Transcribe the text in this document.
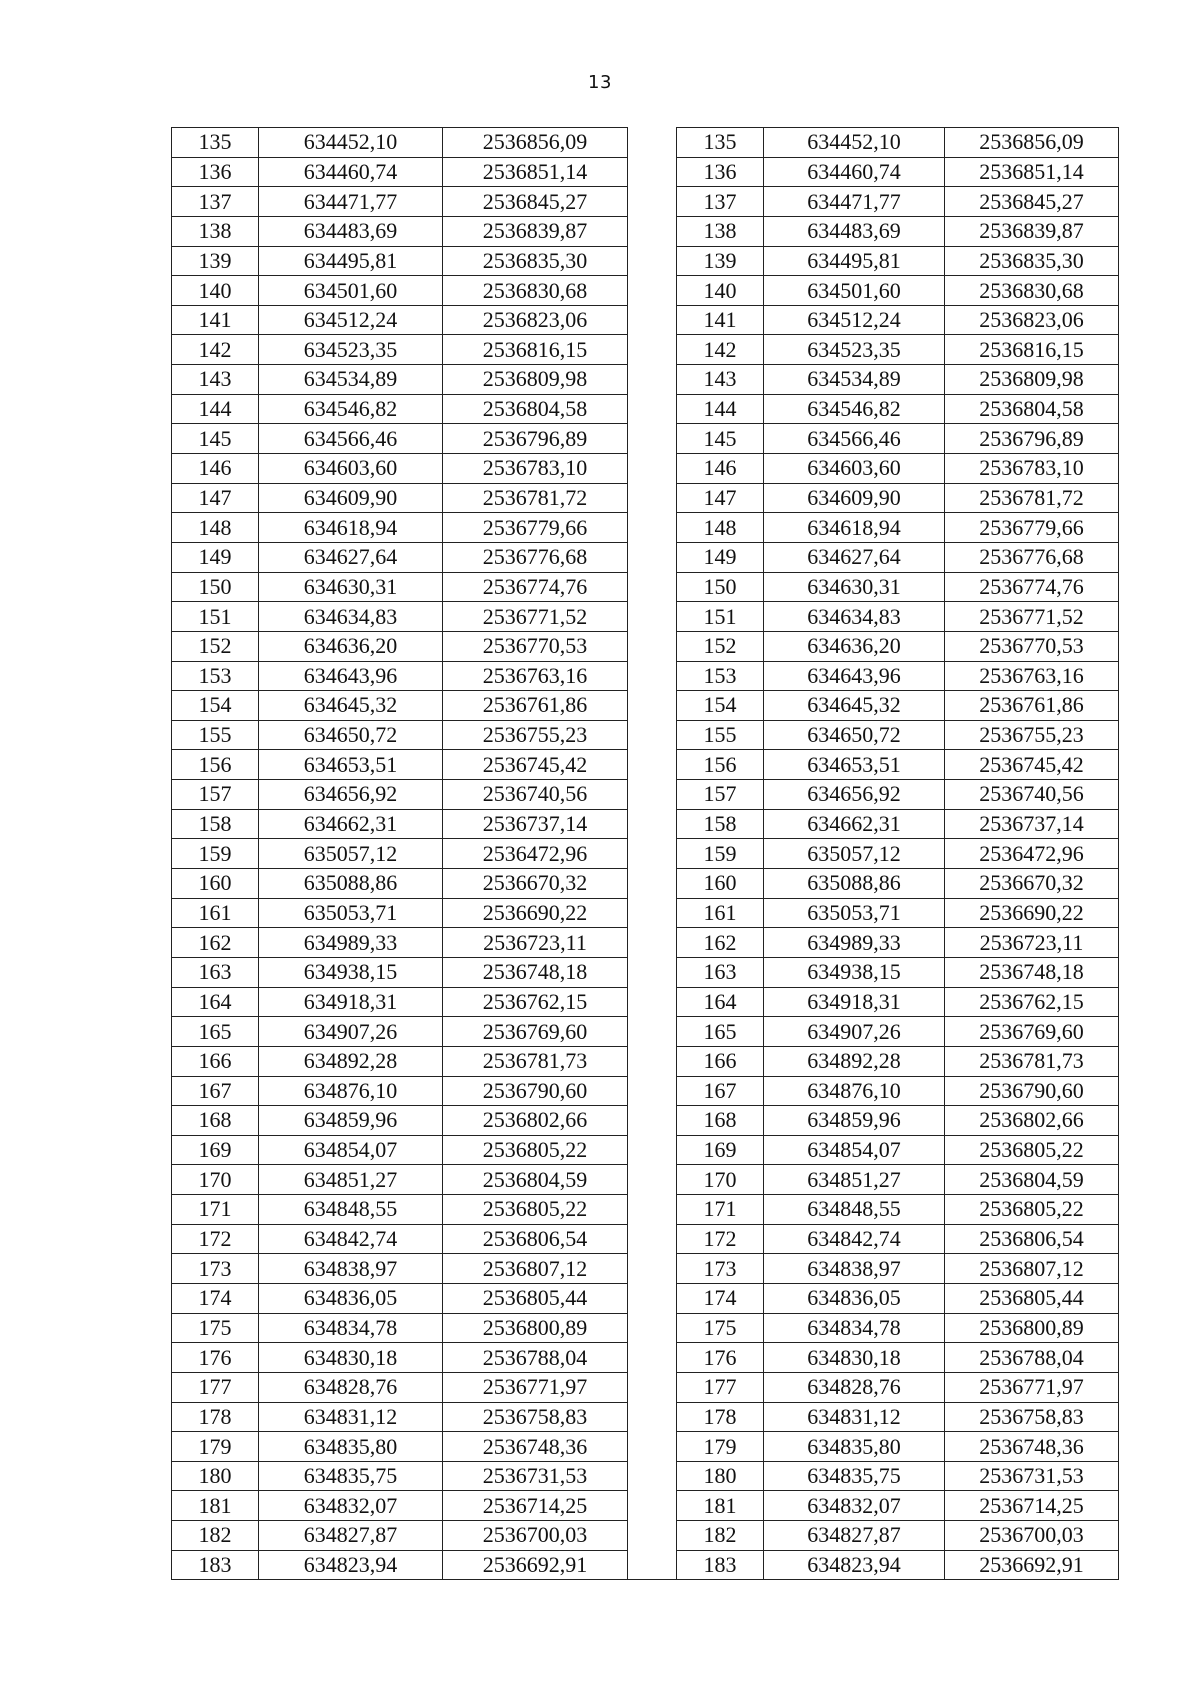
13
135	634452,10	2536856,09		135	634452,10	2536856,09
136	634460,74	2536851,14		136	634460,74	2536851,14
137	634471,77	2536845,27		137	634471,77	2536845,27
138	634483,69	2536839,87		138	634483,69	2536839,87
139	634495,81	2536835,30		139	634495,81	2536835,30
140	634501,60	2536830,68		140	634501,60	2536830,68
141	634512,24	2536823,06		141	634512,24	2536823,06
142	634523,35	2536816,15		142	634523,35	2536816,15
143	634534,89	2536809,98		143	634534,89	2536809,98
144	634546,82	2536804,58		144	634546,82	2536804,58
145	634566,46	2536796,89		145	634566,46	2536796,89
146	634603,60	2536783,10		146	634603,60	2536783,10
147	634609,90	2536781,72		147	634609,90	2536781,72
148	634618,94	2536779,66		148	634618,94	2536779,66
149	634627,64	2536776,68		149	634627,64	2536776,68
150	634630,31	2536774,76		150	634630,31	2536774,76
151	634634,83	2536771,52		151	634634,83	2536771,52
152	634636,20	2536770,53		152	634636,20	2536770,53
153	634643,96	2536763,16		153	634643,96	2536763,16
154	634645,32	2536761,86		154	634645,32	2536761,86
155	634650,72	2536755,23		155	634650,72	2536755,23
156	634653,51	2536745,42		156	634653,51	2536745,42
157	634656,92	2536740,56		157	634656,92	2536740,56
158	634662,31	2536737,14		158	634662,31	2536737,14
159	635057,12	2536472,96		159	635057,12	2536472,96
160	635088,86	2536670,32		160	635088,86	2536670,32
161	635053,71	2536690,22		161	635053,71	2536690,22
162	634989,33	2536723,11		162	634989,33	2536723,11
163	634938,15	2536748,18		163	634938,15	2536748,18
164	634918,31	2536762,15		164	634918,31	2536762,15
165	634907,26	2536769,60		165	634907,26	2536769,60
166	634892,28	2536781,73		166	634892,28	2536781,73
167	634876,10	2536790,60		167	634876,10	2536790,60
168	634859,96	2536802,66		168	634859,96	2536802,66
169	634854,07	2536805,22		169	634854,07	2536805,22
170	634851,27	2536804,59		170	634851,27	2536804,59
171	634848,55	2536805,22		171	634848,55	2536805,22
172	634842,74	2536806,54		172	634842,74	2536806,54
173	634838,97	2536807,12		173	634838,97	2536807,12
174	634836,05	2536805,44		174	634836,05	2536805,44
175	634834,78	2536800,89		175	634834,78	2536800,89
176	634830,18	2536788,04		176	634830,18	2536788,04
177	634828,76	2536771,97		177	634828,76	2536771,97
178	634831,12	2536758,83		178	634831,12	2536758,83
179	634835,80	2536748,36		179	634835,80	2536748,36
180	634835,75	2536731,53		180	634835,75	2536731,53
181	634832,07	2536714,25		181	634832,07	2536714,25
182	634827,87	2536700,03		182	634827,87	2536700,03
183	634823,94	2536692,91		183	634823,94	2536692,91
